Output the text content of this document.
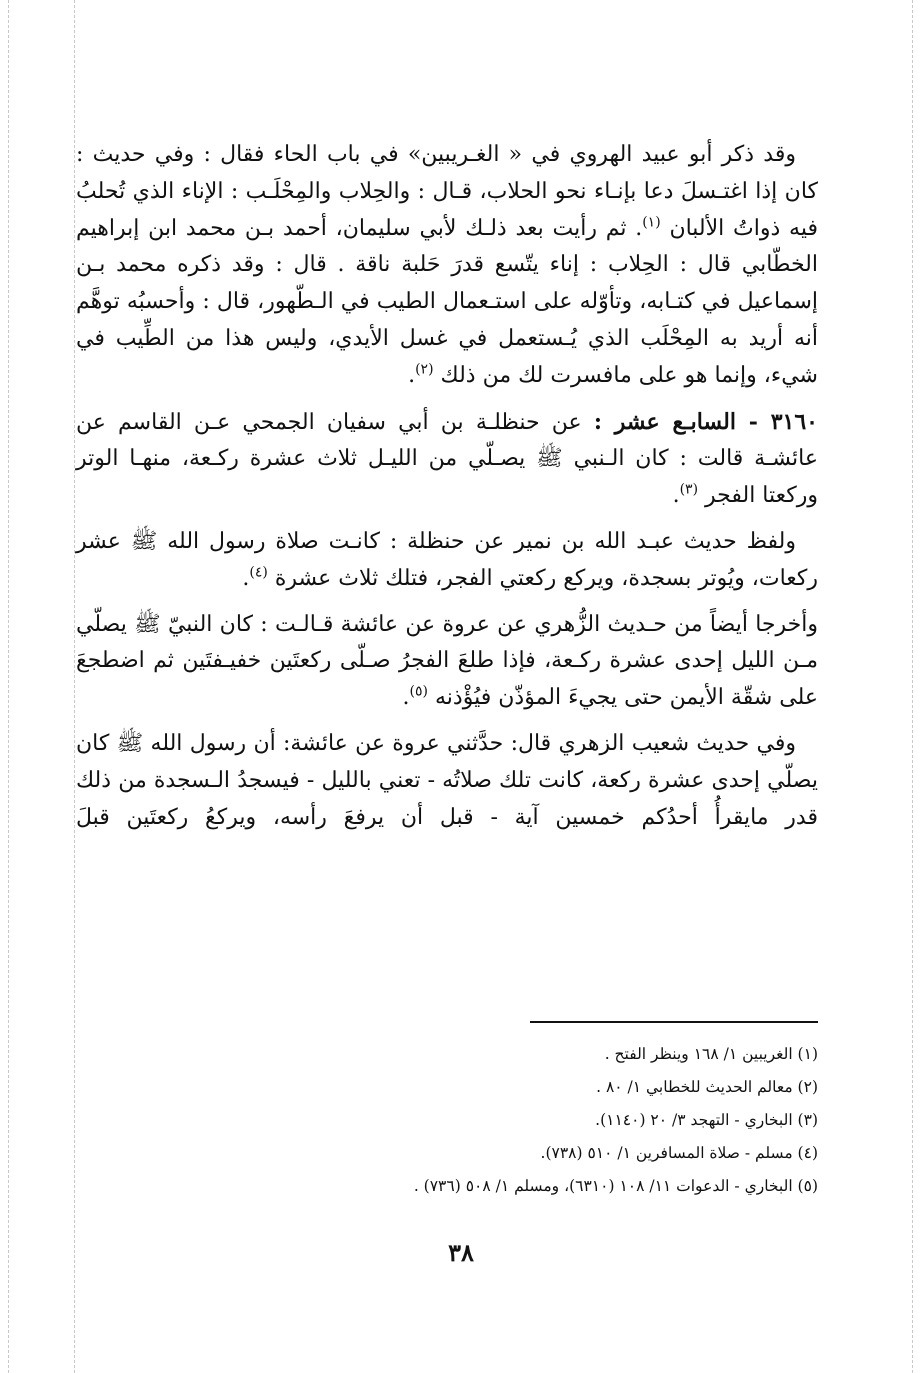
وقد ذكر أبو عبيد الهروي في « الغـريبين» في باب الحاء فقال : وفي حديث : كان إذا اغتـسلَ دعا بإنـاء نحو الحلاب، قـال : والحِلاب والمِحْلَـب : الإناء الذي تُحلبُ فيه ذواتُ الألبان $^{(١)}$. ثم رأيت بعد ذلـك لأبي سليمان، أحمد بـن محمد ابن إبراهيم الخطّابي قال : الحِلاب : إناء يتّسع قدرَ حَلبة ناقة . قال : وقد ذكره محمد بـن إسماعيل في كتـابه، وتأوّله على استـعمال الطيب في الـطّهور، قال : وأحسبُه توهَّم أنه أريد به المِحْلَب الذي يُـستعمل في غسل الأيدي، وليس هذا من الطِّيب في شيء، وإنما هو على مافسرت لك من ذلك $^{(٢)}$.

٣١٦٠ - السابـع عشر : عن حنظلـة بن أبي سفيان الجمحي عـن القاسم عن عائشـة قالت : كان الـنبي ﷺ يصـلّي من الليـل ثلاث عشرة ركـعة، منهـا الوتر وركعتا الفجر $^{(٣)}$.

ولفظ حديث عبـد الله بن نمير عن حنظلة : كانـت صلاة رسول الله ﷺ عشر ركعات، ويُوتر بسجدة، ويركع ركعتي الفجر، فتلك ثلاث عشرة $^{(٤)}$.

وأخرجا أيضاً من حـديث الزُّهري عن عروة عن عائشة قـالـت : كان النبيّ ﷺ يصلّي مـن الليل إحدى عشرة ركـعة، فإذا طلعَ الفجرُ صـلّى ركعتَين خفيـفتَين ثم اضطجعَ على شقّة الأيمن حتى يجيءَ المؤذّن فيُؤْذنه $^{(٥)}$.

وفي حديث شعيب الزهري قال: حدَّثني عروة عن عائشة: أن رسول الله ﷺ كان يصلّي إحدى عشرة ركعة، كانت تلك صلاتُه - تعني بالليل - فيسجدُ الـسجدة من ذلك قدر مايقرأُ أحدُكم خمسين آية - قبل أن يرفعَ رأسه، ويركعُ ركعتَين قبلَ

(١) الغريبين ١/ ١٦٨ وينظر الفتح .

(٢) معالم الحديث للخطابي ١/ ٨٠ .

(٣) البخاري - التهجد ٣/ ٢٠ (١١٤٠).

(٤) مسلم - صلاة المسافرين ١/ ٥١٠ (٧٣٨).

(٥) البخاري - الدعوات ١١/ ١٠٨ (٦٣١٠)، ومسلم ١/ ٥٠٨ (٧٣٦) .

٣٨
